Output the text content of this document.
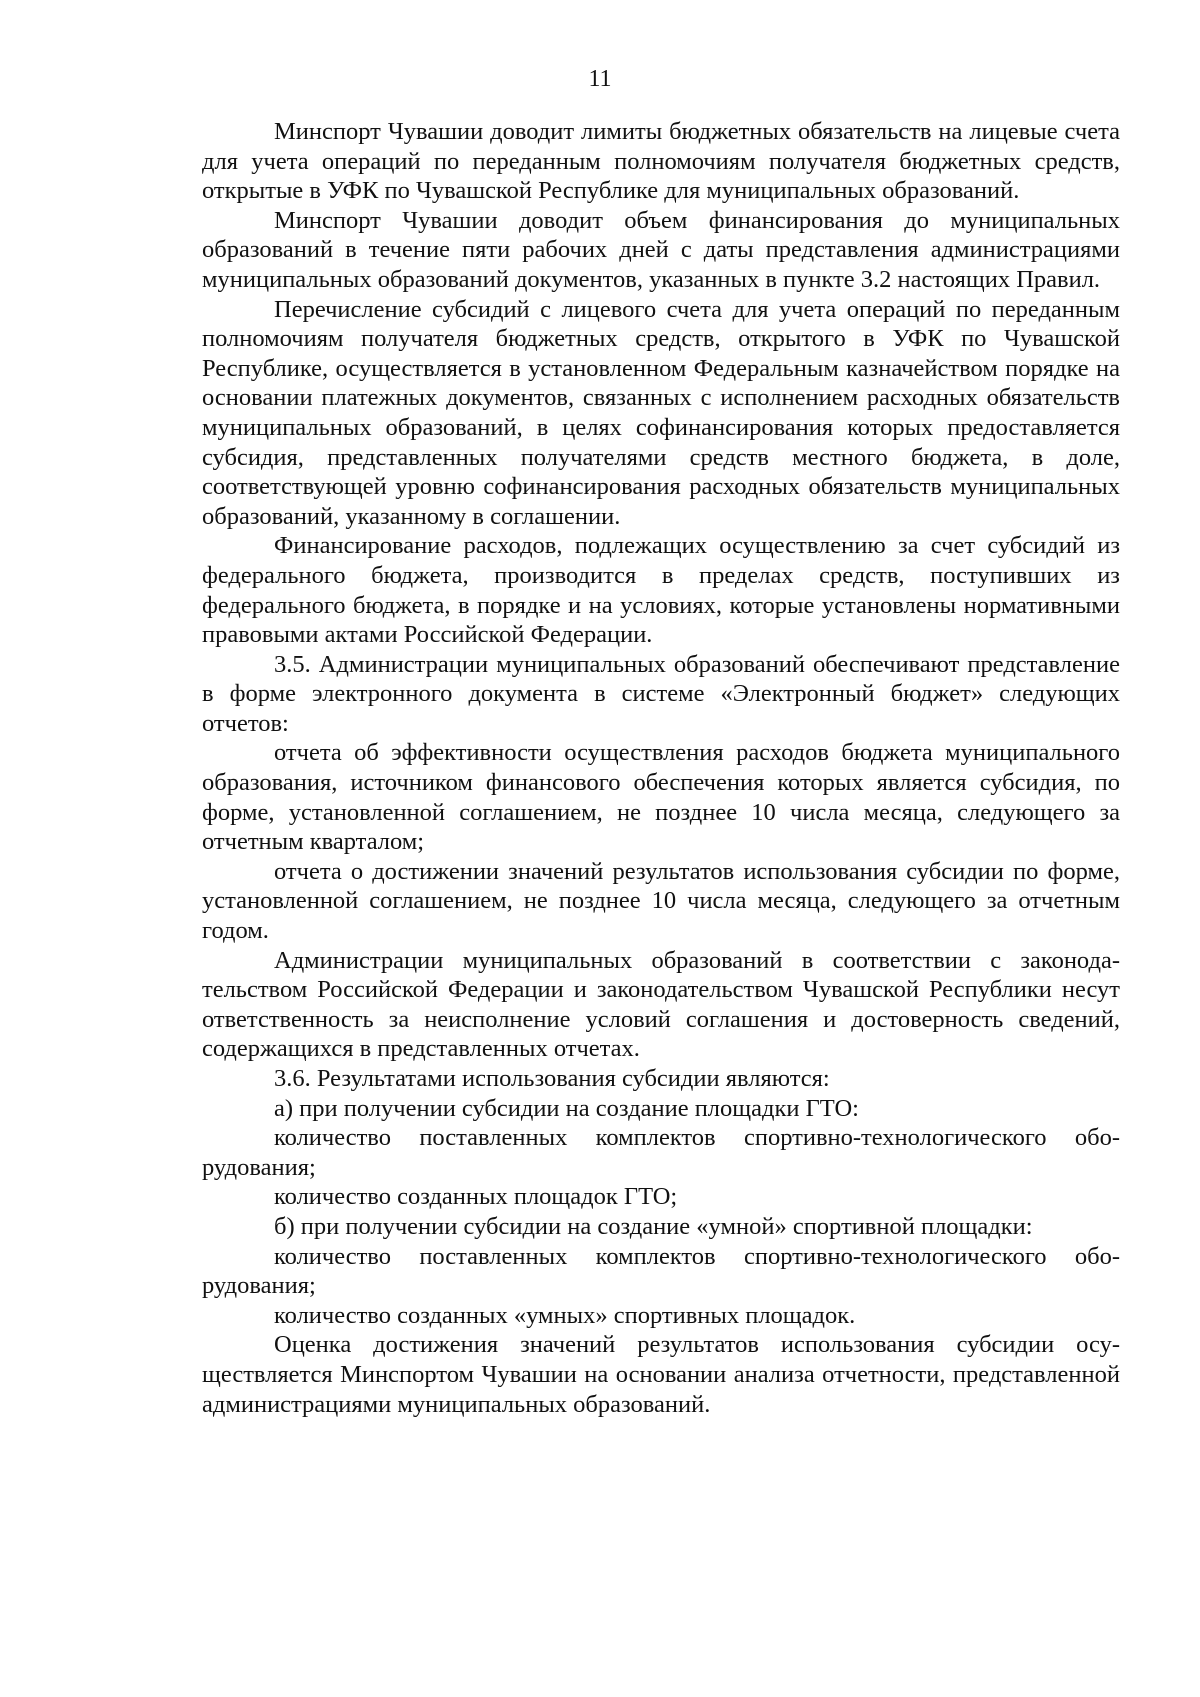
11

Минспорт Чувашии доводит лимиты бюджетных обязательств на лицевые счета для учета операций по переданным полномочиям получателя бюджетных средств, открытые в УФК по Чувашской Республике для муниципальных образований.

Минспорт Чувашии доводит объем финансирования до муниципальных образований в течение пяти рабочих дней с даты представления администрациями муниципальных образований документов, указанных в пункте 3.2 настоящих Правил.

Перечисление субсидий с лицевого счета для учета операций по переданным полномочиям получателя бюджетных средств, открытого в УФК по Чувашской Республике, осуществляется в установленном Федеральным казначейством порядке на основании платежных документов, связанных с исполнением расходных обязательств муниципальных образований, в целях софинансирования которых предоставляется субсидия, представленных получателями средств местного бюджета, в доле, соответствующей уровню софинансирования расходных обязательств муниципальных образований, указанному в соглашении.

Финансирование расходов, подлежащих осуществлению за счет субсидий из федерального бюджета, производится в пределах средств, поступивших из федерального бюджета, в порядке и на условиях, которые установлены нормативными правовыми актами Российской Федерации.

3.5. Администрации муниципальных образований обеспечивают представление в форме электронного документа в системе «Электронный бюджет» следующих отчетов:

отчета об эффективности осуществления расходов бюджета муниципального образования, источником финансового обеспечения которых является субсидия, по форме, установленной соглашением, не позднее 10 числа месяца, следующего за отчетным кварталом;

отчета о достижении значений результатов использования субсидии по форме, установленной соглашением, не позднее 10 числа месяца, следующего за отчетным годом.

Администрации муниципальных образований в соответствии с законодательством Российской Федерации и законодательством Чувашской Республики несут ответственность за неисполнение условий соглашения и достоверность сведений, содержащихся в представленных отчетах.

3.6. Результатами использования субсидии являются:

а) при получении субсидии на создание площадки ГТО:

количество поставленных комплектов спортивно-технологического оборудования;

количество созданных площадок ГТО;

б) при получении субсидии на создание «умной» спортивной площадки:

количество поставленных комплектов спортивно-технологического оборудования;

количество созданных «умных» спортивных площадок.

Оценка достижения значений результатов использования субсидии осуществляется Минспортом Чувашии на основании анализа отчетности, представленной администрациями муниципальных образований.
